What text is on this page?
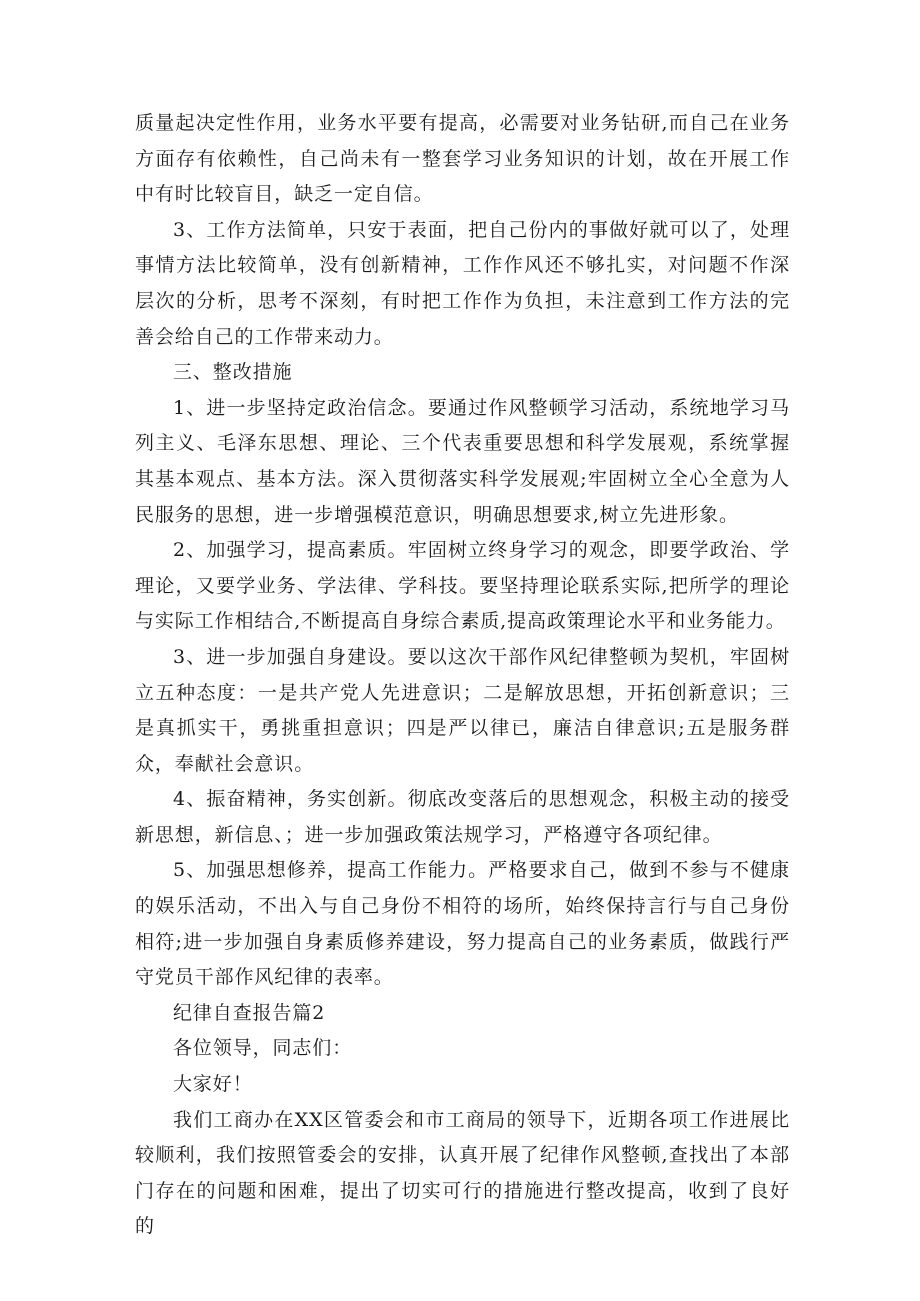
质量起决定性作用，业务水平要有提高，必需要对业务钻研,而自己在业务方面存有依赖性，自己尚未有一整套学习业务知识的计划，故在开展工作中有时比较盲目，缺乏一定自信。

3、工作方法简单，只安于表面，把自己份内的事做好就可以了，处理事情方法比较简单，没有创新精神，工作作风还不够扎实，对问题不作深层次的分析，思考不深刻，有时把工作作为负担，未注意到工作方法的完善会给自己的工作带来动力。

三、整改措施

1、进一步坚持定政治信念。要通过作风整顿学习活动，系统地学习马列主义、毛泽东思想、理论、三个代表重要思想和科学发展观，系统掌握其基本观点、基本方法。深入贯彻落实科学发展观;牢固树立全心全意为人民服务的思想，进一步增强模范意识，明确思想要求,树立先进形象。

2、加强学习，提高素质。牢固树立终身学习的观念，即要学政治、学理论，又要学业务、学法律、学科技。要坚持理论联系实际,把所学的理论与实际工作相结合,不断提高自身综合素质,提高政策理论水平和业务能力。

3、进一步加强自身建设。要以这次干部作风纪律整顿为契机，牢固树立五种态度：一是共产党人先进意识；二是解放思想，开拓创新意识；三是真抓实干，勇挑重担意识；四是严以律已，廉洁自律意识;五是服务群众，奉献社会意识。

4、振奋精神，务实创新。彻底改变落后的思想观念，积极主动的接受新思想，新信息、；进一步加强政策法规学习，严格遵守各项纪律。

5、加强思想修养，提高工作能力。严格要求自己，做到不参与不健康的娱乐活动，不出入与自己身份不相符的场所，始终保持言行与自己身份相符;进一步加强自身素质修养建设，努力提高自己的业务素质，做践行严守党员干部作风纪律的表率。

纪律自查报告篇2

各位领导，同志们：

大家好！

我们工商办在XX区管委会和市工商局的领导下，近期各项工作进展比较顺利，我们按照管委会的安排，认真开展了纪律作风整顿,查找出了本部门存在的问题和困难，提出了切实可行的措施进行整改提高，收到了良好的
